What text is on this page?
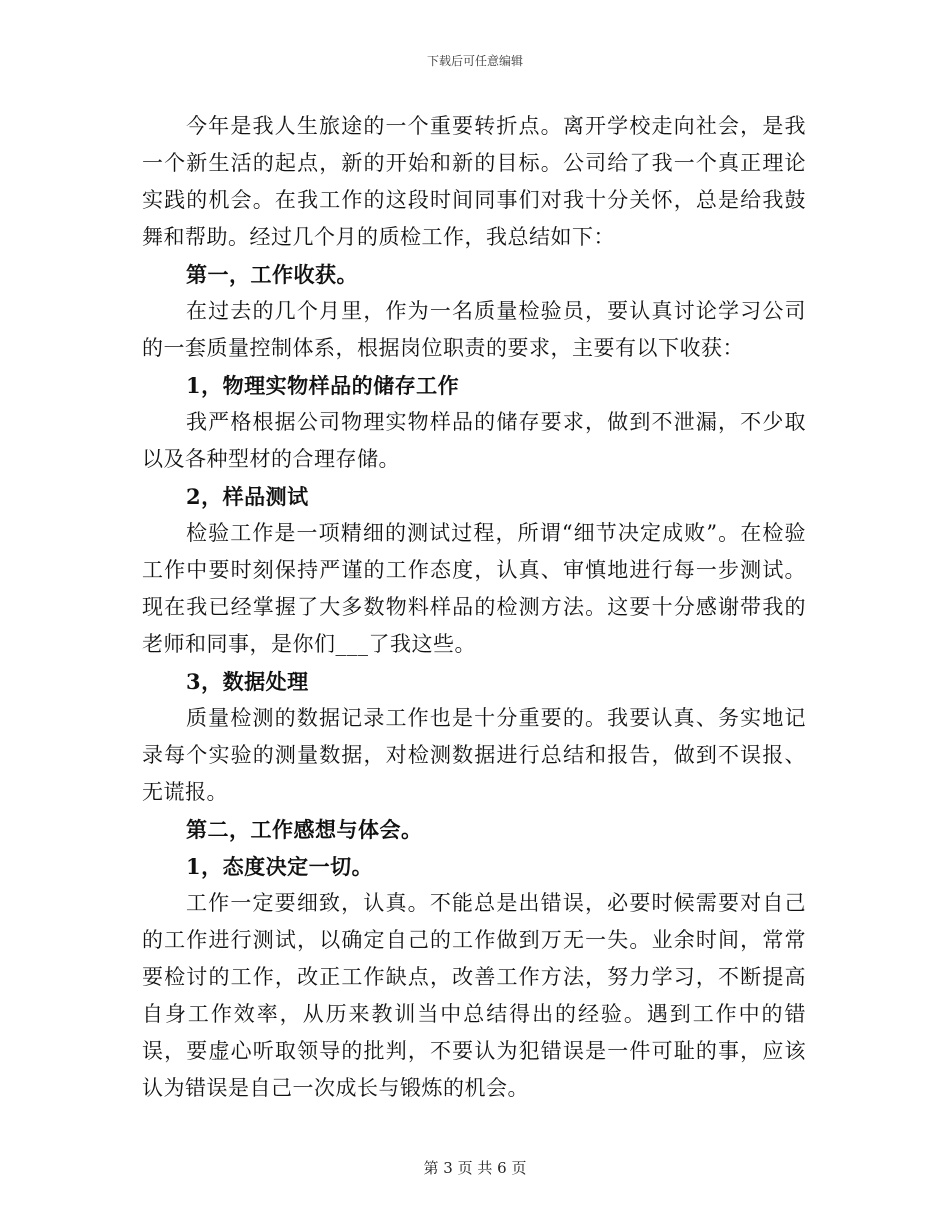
下载后可任意编辑

今年是我人生旅途的一个重要转折点。离开学校走向社会，是我一个新生活的起点，新的开始和新的目标。公司给了我一个真正理论实践的机会。在我工作的这段时间同事们对我十分关怀，总是给我鼓舞和帮助。经过几个月的质检工作，我总结如下：

第一，工作收获。

在过去的几个月里，作为一名质量检验员，要认真讨论学习公司的一套质量控制体系，根据岗位职责的要求，主要有以下收获：

1，物理实物样品的储存工作

我严格根据公司物理实物样品的储存要求，做到不泄漏，不少取以及各种型材的合理存储。

2，样品测试

检验工作是一项精细的测试过程，所谓“细节决定成败”。在检验工作中要时刻保持严谨的工作态度，认真、审慎地进行每一步测试。现在我已经掌握了大多数物料样品的检测方法。这要十分感谢带我的老师和同事，是你们___了我这些。

3，数据处理

质量检测的数据记录工作也是十分重要的。我要认真、务实地记录每个实验的测量数据，对检测数据进行总结和报告，做到不误报、无谎报。

第二，工作感想与体会。

1，态度决定一切。

工作一定要细致，认真。不能总是出错误，必要时候需要对自己的工作进行测试，以确定自己的工作做到万无一失。业余时间，常常要检讨的工作，改正工作缺点，改善工作方法，努力学习，不断提高自身工作效率，从历来教训当中总结得出的经验。遇到工作中的错误，要虚心听取领导的批判，不要认为犯错误是一件可耻的事，应该认为错误是自己一次成长与锻炼的机会。

第 3 页 共 6 页
